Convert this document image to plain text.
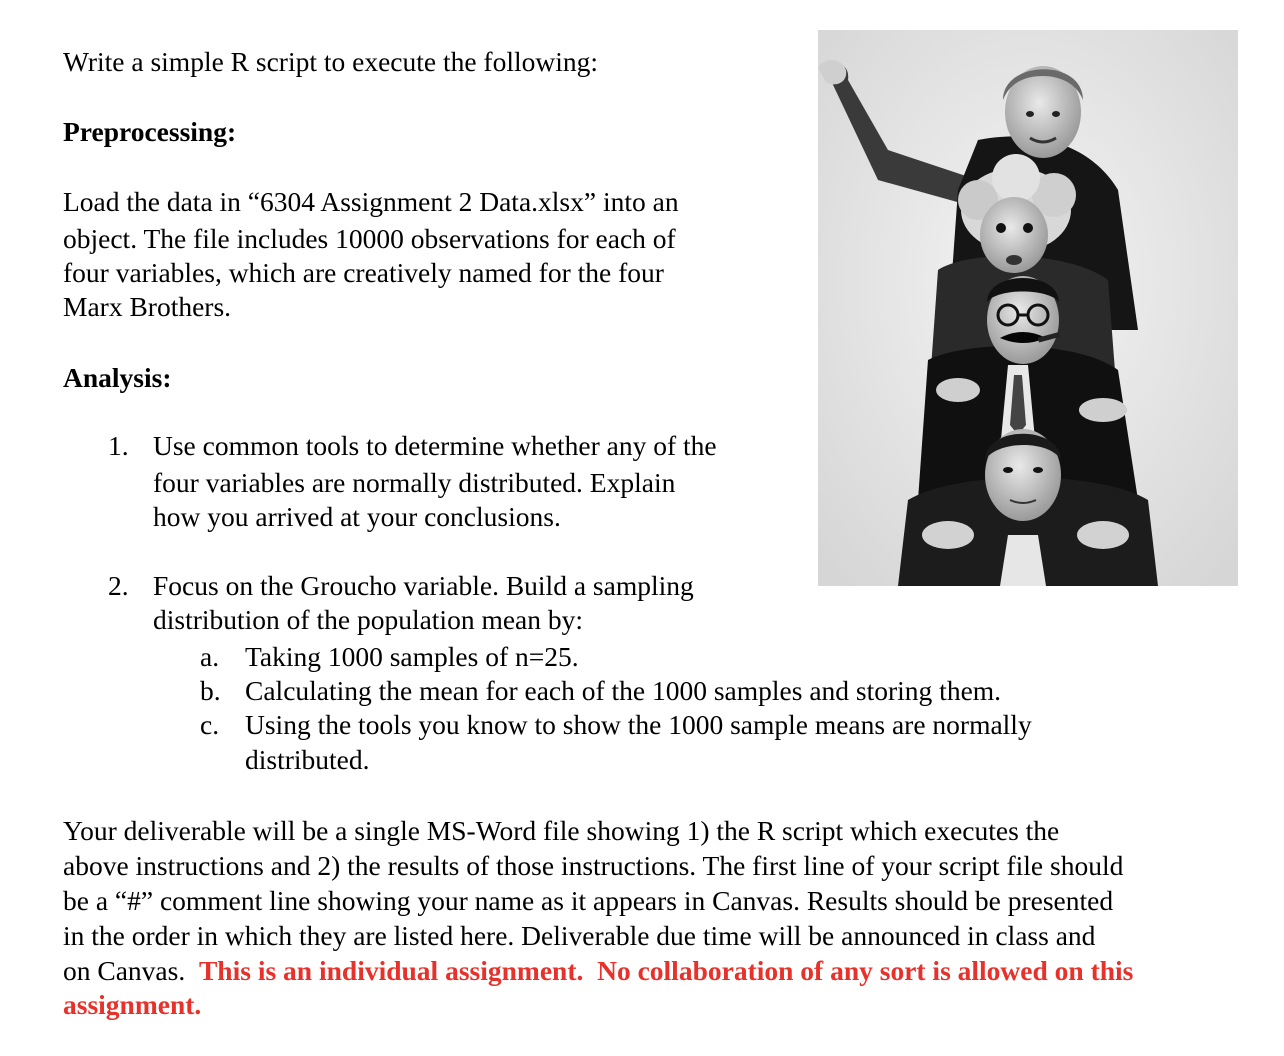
Write a simple R script to execute the following:

Preprocessing:

Load the data in “6304 Assignment 2 Data.xlsx” into an

object. The file includes 10000 observations for each of

four variables, which are creatively named for the four

Marx Brothers.

Analysis:

1. Use common tools to determine whether any of the

four variables are normally distributed. Explain

how you arrived at your conclusions.

2. Focus on the Groucho variable. Build a sampling

distribution of the population mean by:

a. Taking 1000 samples of n=25.

b. Calculating the mean for each of the 1000 samples and storing them.

c. Using the tools you know to show the 1000 sample means are normally

distributed.

Your deliverable will be a single MS-Word file showing 1) the R script which executes the

above instructions and 2) the results of those instructions. The first line of your script file should

be a “#” comment line showing your name as it appears in Canvas. Results should be presented

in the order in which they are listed here. Deliverable due time will be announced in class and

on Canvas.  This is an individual assignment.  No collaboration of any sort is allowed on this

assignment.
